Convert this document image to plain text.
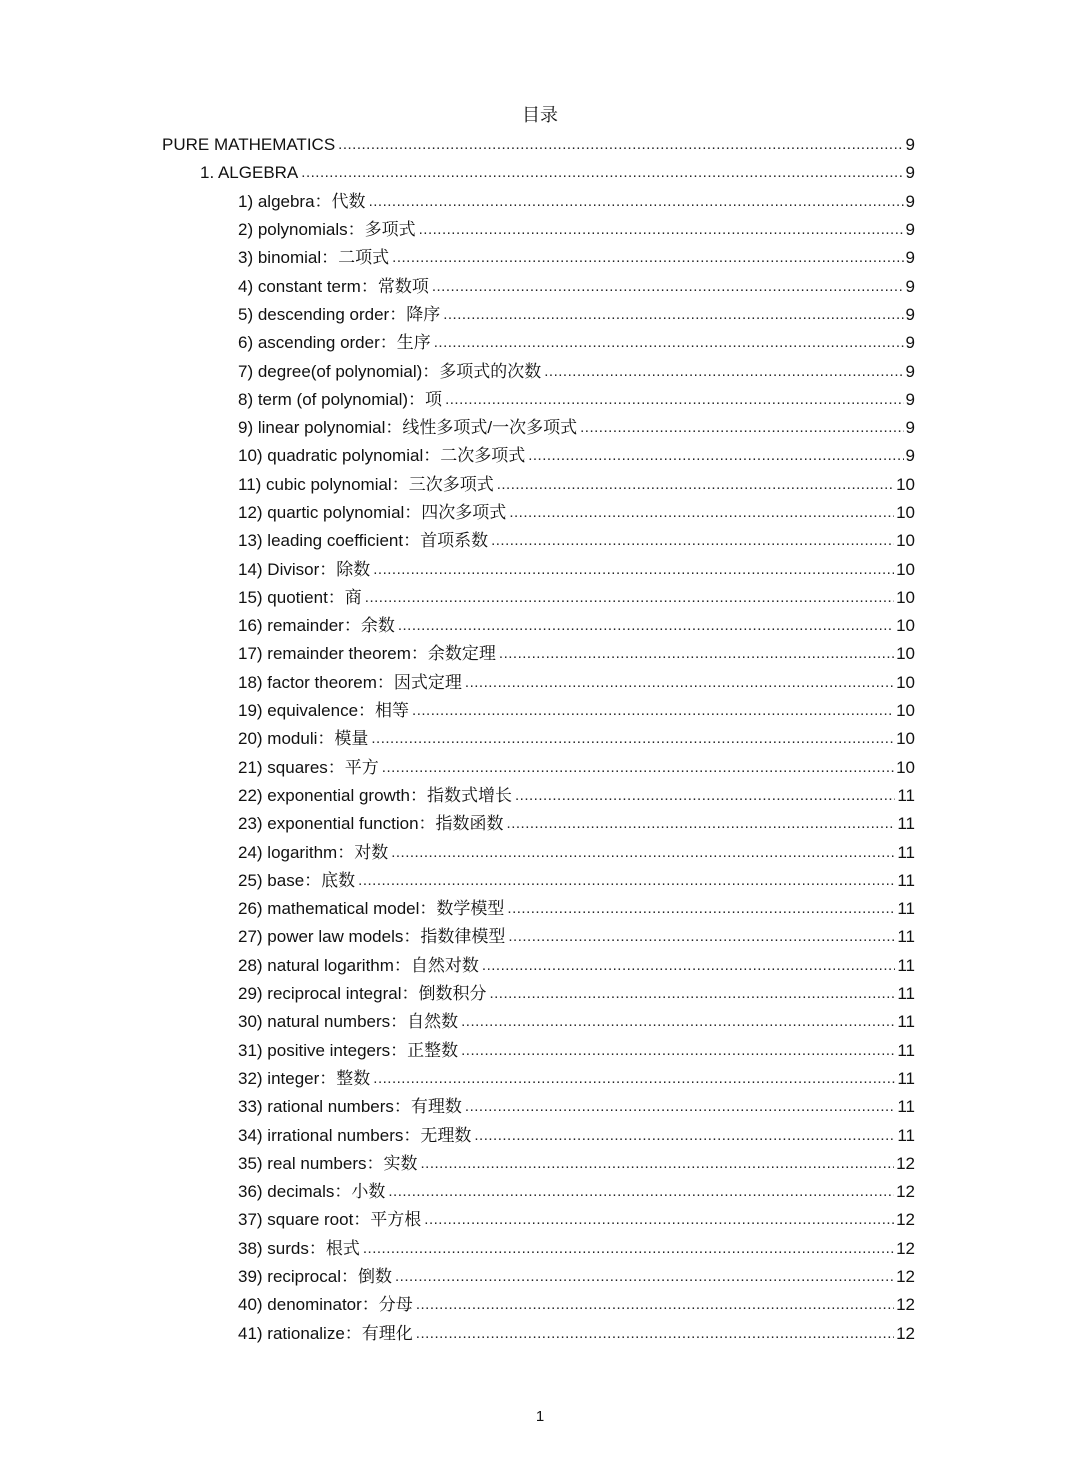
目录
PURE MATHEMATICS .....	9
1. ALGEBRA .....	9
1) algebra：代数 .....	9
2) polynomials：多项式 .....	9
3) binomial：二项式 .....	9
4) constant term：常数项 .....	9
5) descending order：降序 .....	9
6) ascending order：生序 .....	9
7) degree(of polynomial)：多项式的次数 .....	9
8) term (of polynomial)：项 .....	9
9) linear polynomial：线性多项式/一次多项式 .....	9
10) quadratic polynomial：二次多项式 .....	9
11) cubic polynomial：三次多项式 .....	10
12) quartic polynomial：四次多项式 .....	10
13) leading coefficient：首项系数 .....	10
14) Divisor：除数 .....	10
15) quotient：商 .....	10
16) remainder：余数 .....	10
17) remainder theorem：余数定理 .....	10
18) factor theorem：因式定理 .....	10
19) equivalence：相等 .....	10
20) moduli：模量 .....	10
21) squares：平方 .....	10
22) exponential growth：指数式增长 .....	11
23) exponential function：指数函数 .....	11
24) logarithm：对数 .....	11
25) base：底数 .....	11
26) mathematical model：数学模型 .....	11
27) power law models：指数律模型 .....	11
28) natural logarithm：自然对数 .....	11
29) reciprocal integral：倒数积分 .....	11
30) natural numbers：自然数 .....	11
31) positive integers：正整数 .....	11
32) integer：整数 .....	11
33) rational numbers：有理数 .....	11
34) irrational numbers：无理数 .....	11
35) real numbers：实数 .....	12
36) decimals：小数 .....	12
37) square root：平方根 .....	12
38) surds：根式 .....	12
39) reciprocal：倒数 .....	12
40) denominator：分母 .....	12
41) rationalize：有理化 .....	12
1
